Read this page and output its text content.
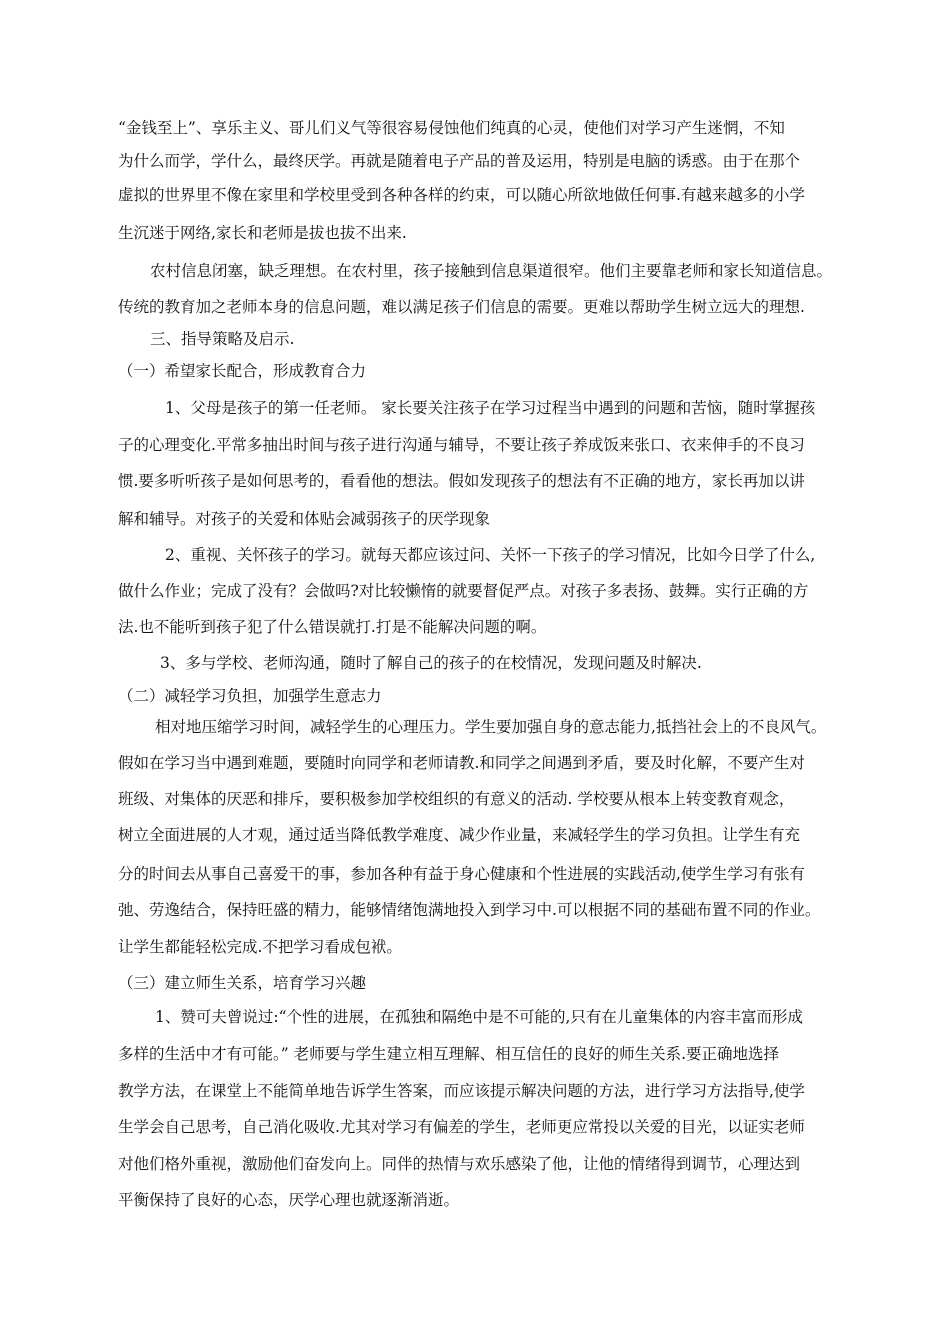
“金钱至上”、享乐主义、哥儿们义气等很容易侵蚀他们纯真的心灵，使他们对学习产生迷惘，不知
为什么而学，学什么，最终厌学。再就是随着电子产品的普及运用，特别是电脑的诱惑。由于在那个
虚拟的世界里不像在家里和学校里受到各种各样的约束，可以随心所欲地做任何事.有越来越多的小学
生沉迷于网络,家长和老师是拔也拔不出来.
农村信息闭塞，缺乏理想。在农村里，孩子接触到信息渠道很窄。他们主要靠老师和家长知道信息。
传统的教育加之老师本身的信息问题，难以满足孩子们信息的需要。更难以帮助学生树立远大的理想.
三、指导策略及启示.
（一）希望家长配合，形成教育合力
1、父母是孩子的第一任老师。 家长要关注孩子在学习过程当中遇到的问题和苦恼，随时掌握孩
子的心理变化.平常多抽出时间与孩子进行沟通与辅导，不要让孩子养成饭来张口、衣来伸手的不良习
惯.要多听听孩子是如何思考的，看看他的想法。假如发现孩子的想法有不正确的地方，家长再加以讲
解和辅导。对孩子的关爱和体贴会减弱孩子的厌学现象
2、重视、关怀孩子的学习。就每天都应该过问、关怀一下孩子的学习情况，比如今日学了什么,
做什么作业；完成了没有？会做吗?对比较懒惰的就要督促严点。对孩子多表扬、鼓舞。实行正确的方
法.也不能听到孩子犯了什么错误就打.打是不能解决问题的啊。
3、多与学校、老师沟通，随时了解自己的孩子的在校情况，发现问题及时解决.
（二）减轻学习负担，加强学生意志力
相对地压缩学习时间，减轻学生的心理压力。学生要加强自身的意志能力,抵挡社会上的不良风气。
假如在学习当中遇到难题，要随时向同学和老师请教.和同学之间遇到矛盾，要及时化解，不要产生对
班级、对集体的厌恶和排斥，要积极参加学校组织的有意义的活动. 学校要从根本上转变教育观念，
树立全面进展的人才观，通过适当降低教学难度、减少作业量，来减轻学生的学习负担。让学生有充
分的时间去从事自己喜爱干的事，参加各种有益于身心健康和个性进展的实践活动,使学生学习有张有
弛、劳逸结合，保持旺盛的精力，能够情绪饱满地投入到学习中.可以根据不同的基础布置不同的作业。
让学生都能轻松完成.不把学习看成包袱。
（三）建立师生关系，培育学习兴趣
1、赞可夫曾说过:“个性的进展，在孤独和隔绝中是不可能的,只有在儿童集体的内容丰富而形成
多样的生活中才有可能。” 老师要与学生建立相互理解、相互信任的良好的师生关系.要正确地选择
教学方法，在课堂上不能简单地告诉学生答案，而应该提示解决问题的方法，进行学习方法指导,使学
生学会自己思考，自己消化吸收.尤其对学习有偏差的学生，老师更应常投以关爱的目光，以证实老师
对他们格外重视，激励他们奋发向上。同伴的热情与欢乐感染了他，让他的情绪得到调节，心理达到
平衡保持了良好的心态，厌学心理也就逐渐消逝。
